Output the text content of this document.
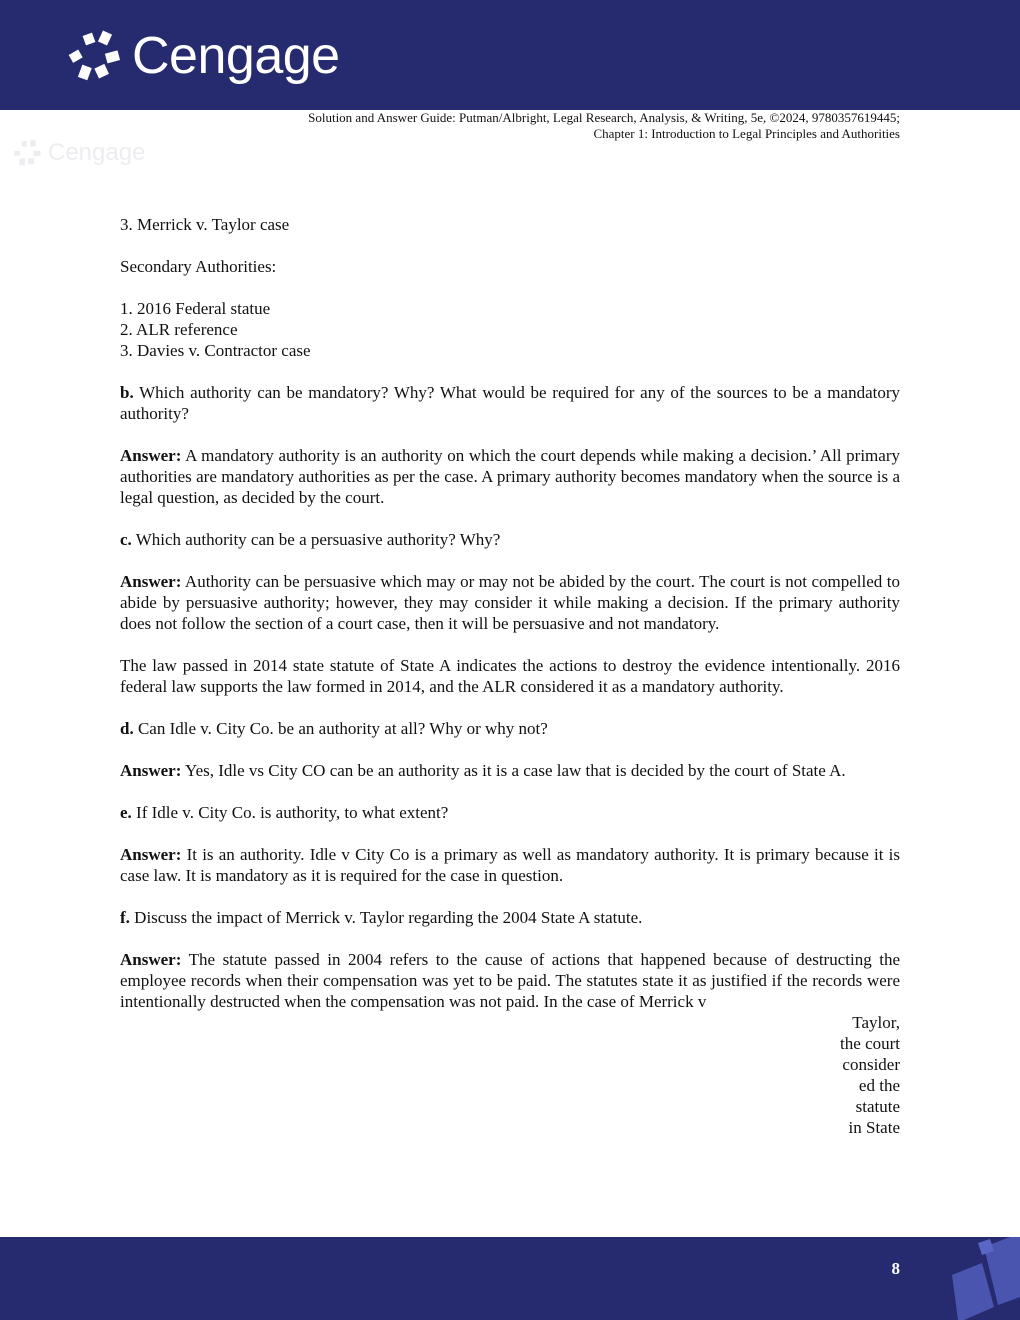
Cengage
Cengage
Solution and Answer Guide: Putman/Albright, Legal Research, Analysis, & Writing, 5e, ©2024, 9780357619445;
Chapter 1: Introduction to Legal Principles and Authorities

3. Merrick v. Taylor case

Secondary Authorities:

1. 2016 Federal statue
2. ALR reference
3. Davies v. Contractor case

b. Which authority can be mandatory? Why? What would be required for any of the sources to be a mandatory authority?

Answer: A mandatory authority is an authority on which the court depends while making a decision.’ All primary authorities are mandatory authorities as per the case. A primary authority becomes mandatory when the source is a legal question, as decided by the court.

c. Which authority can be a persuasive authority? Why?

Answer: Authority can be persuasive which may or may not be abided by the court. The court is not compelled to abide by persuasive authority; however, they may consider it while making a decision. If the primary authority does not follow the section of a court case, then it will be persuasive and not mandatory.

The law passed in 2014 state statute of State A indicates the actions to destroy the evidence intentionally. 2016 federal law supports the law formed in 2014, and the ALR considered it as a mandatory authority.

d. Can Idle v. City Co. be an authority at all? Why or why not?

Answer: Yes, Idle vs City CO can be an authority as it is a case law that is decided by the court of State A.

e. If Idle v. City Co. is authority, to what extent?

Answer: It is an authority. Idle v City Co is a primary as well as mandatory authority. It is primary because it is case law. It is mandatory as it is required for the case in question.

f. Discuss the impact of Merrick v. Taylor regarding the 2004 State A statute.

Answer: The statute passed in 2004 refers to the cause of actions that happened because of destructing the employee records when their compensation was yet to be paid. The statutes state it as justified if the records were intentionally destructed when the compensation was not paid. In the case of Merrick v

Taylor,
the court
consider
ed the
statute
in State
8
